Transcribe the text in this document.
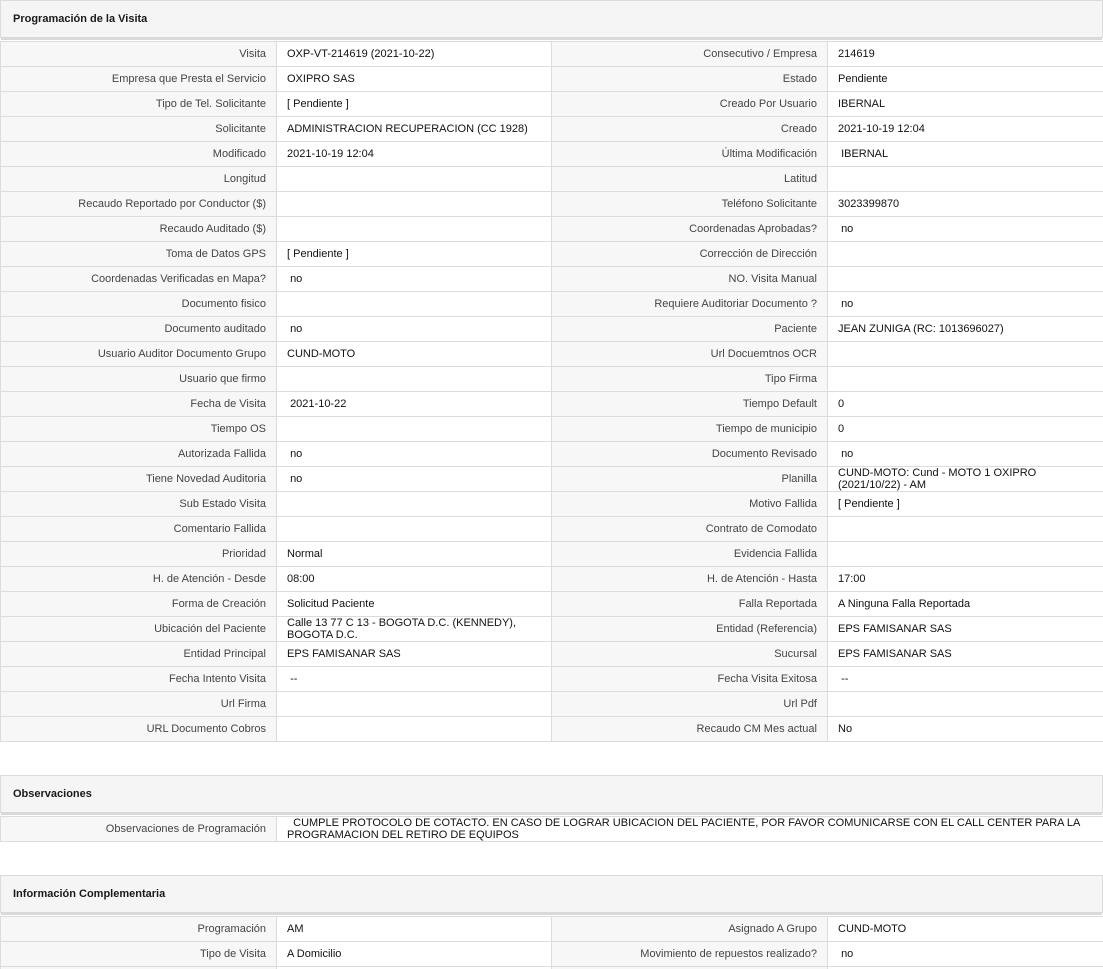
Programación de la Visita
Visita	OXP-VT-214619 (2021-10-22)	Consecutivo / Empresa	214619
Empresa que Presta el Servicio	OXIPRO SAS	Estado	Pendiente
Tipo de Tel. Solicitante	[ Pendiente ]	Creado Por Usuario	IBERNAL
Solicitante	ADMINISTRACION RECUPERACION (CC 1928)	Creado	2021-10-19 12:04
Modificado	2021-10-19 12:04	Última Modificación	IBERNAL
Longitud		Latitud	
Recaudo Reportado por Conductor ($)		Teléfono Solicitante	3023399870
Recaudo Auditado ($)		Coordenadas Aprobadas?	no
Toma de Datos GPS	[ Pendiente ]	Corrección de Dirección	
Coordenadas Verificadas en Mapa?	no	NO. Visita Manual	
Documento fisico		Requiere Auditoriar Documento ?	no
Documento auditado	no	Paciente	JEAN ZUNIGA (RC: 1013696027)
Usuario Auditor Documento Grupo	CUND-MOTO	Url Docuemtnos OCR	
Usuario que firmo		Tipo Firma	
Fecha de Visita	2021-10-22	Tiempo Default	0
Tiempo OS		Tiempo de municipio	0
Autorizada Fallida	no	Documento Revisado	no
Tiene Novedad Auditoria	no	Planilla	CUND-MOTO: Cund - MOTO 1 OXIPRO (2021/10/22) - AM
Sub Estado Visita		Motivo Fallida	[ Pendiente ]
Comentario Fallida		Contrato de Comodato	
Prioridad	Normal	Evidencia Fallida	
H. de Atención - Desde	08:00	H. de Atención - Hasta	17:00
Forma de Creación	Solicitud Paciente	Falla Reportada	A Ninguna Falla Reportada
Ubicación del Paciente	Calle 13 77 C 13 - BOGOTA D.C. (KENNEDY), BOGOTA D.C.	Entidad (Referencia)	EPS FAMISANAR SAS
Entidad Principal	EPS FAMISANAR SAS	Sucursal	EPS FAMISANAR SAS
Fecha Intento Visita	--	Fecha Visita Exitosa	--
Url Firma		Url Pdf	
URL Documento Cobros		Recaudo CM Mes actual	No
Observaciones
Observaciones de Programación	CUMPLE PROTOCOLO DE COTACTO. EN CASO DE LOGRAR UBICACION DEL PACIENTE, POR FAVOR COMUNICARSE CON EL CALL CENTER PARA LA PROGRAMACION DEL RETIRO DE EQUIPOS
Información Complementaria
Programación	AM	Asignado A Grupo	CUND-MOTO
Tipo de Visita	A Domicilio	Movimiento de repuestos realizado?	no
